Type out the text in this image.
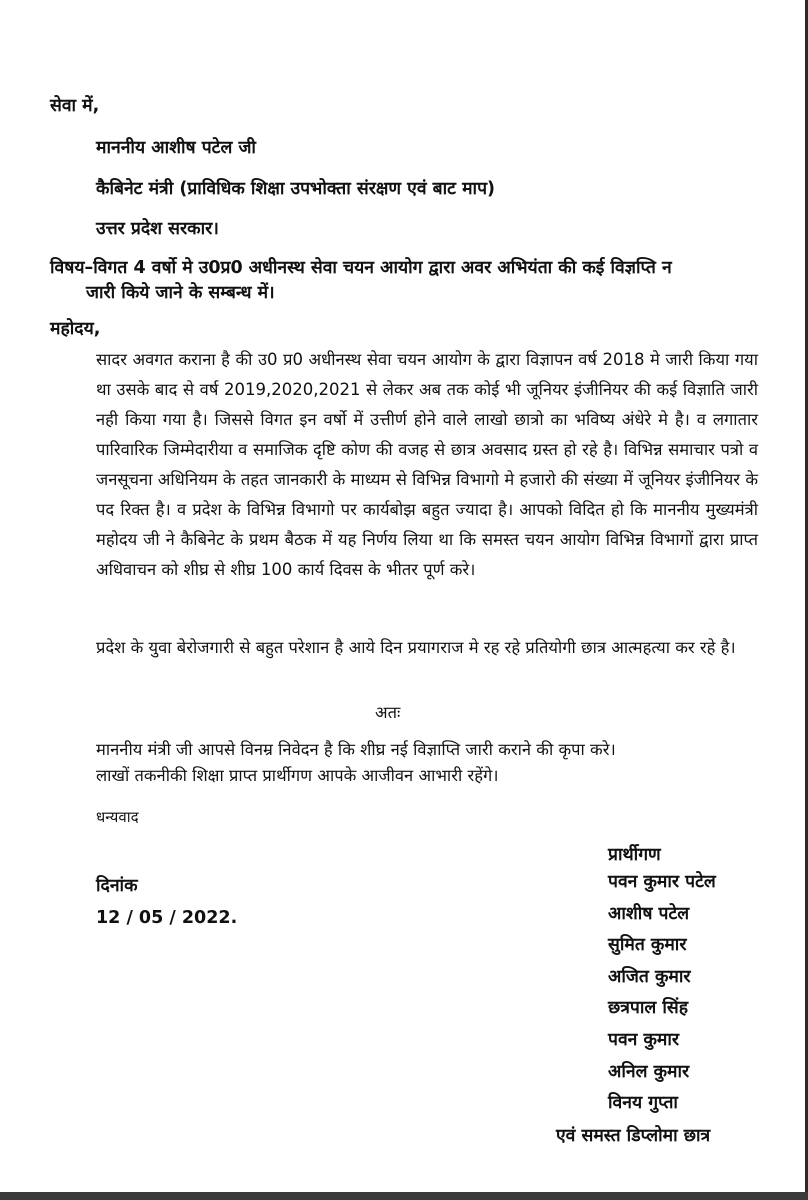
सेवा में,

माननीय आशीष पटेल जी

कैबिनेट मंत्री (प्राविधिक शिक्षा उपभोक्ता संरक्षण एवं बाट माप)

उत्तर प्रदेश सरकार।

विषय–विगत 4 वर्षो मे उ0प्र0 अधीनस्थ सेवा चयन आयोग द्वारा अवर अभियंता की कई विज्ञप्ति न

जारी किये जाने के सम्बन्ध में।

महोदय,

सादर अवगत कराना है की उ0 प्र0 अधीनस्थ सेवा चयन आयोग के द्वारा विज्ञापन वर्ष 2018 मे जारी किया गया था उसके बाद से वर्ष 2019,2020,2021 से लेकर अब तक कोई भी जूनियर इंजीनियर की कई विज्ञाति जारी नही किया गया है। जिससे विगत इन वर्षो में उत्तीर्ण होने वाले लाखो छात्रो का भविष्य अंधेरे मे है। व लगातार पारिवारिक जिम्मेदारीया व समाजिक दृष्टि कोण की वजह से छात्र अवसाद ग्रस्त हो रहे है। विभिन्न समाचार पत्रो व जनसूचना अधिनियम के तहत जानकारी के माध्यम से विभिन्न विभागो मे हजारो की संख्या में जूनियर इंजीनियर के पद रिक्त है। व प्रदेश के विभिन्न विभागो पर कार्यबोझ बहुत ज्यादा है। आपको विदित हो कि माननीय मुख्यमंत्री महोदय जी ने कैबिनेट के प्रथम बैठक में यह निर्णय लिया था कि समस्त चयन आयोग विभिन्न विभागों द्वारा प्राप्त अधिवाचन को शीघ्र से शीघ्र 100 कार्य दिवस के भीतर पूर्ण करे।

प्रदेश के युवा बेरोजगारी से बहुत परेशान है आये दिन प्रयागराज मे रह रहे प्रतियोगी छात्र आत्महत्या कर रहे है।

अतः

माननीय मंत्री जी आपसे विनम्र निवेदन है कि शीघ्र नई विज्ञाप्ति जारी कराने की कृपा करे।

लाखों तकनीकी शिक्षा प्राप्त प्रार्थीगण आपके आजीवन आभारी रहेंगे।

धन्यवाद

प्रार्थीगण

दिनांक

12 / 05 / 2022.

पवन कुमार पटेल
आशीष पटेल
सुमित कुमार
अजित कुमार
छत्रपाल सिंह
पवन कुमार
अनिल कुमार
विनय गुप्ता

एवं समस्त डिप्लोमा छात्र
